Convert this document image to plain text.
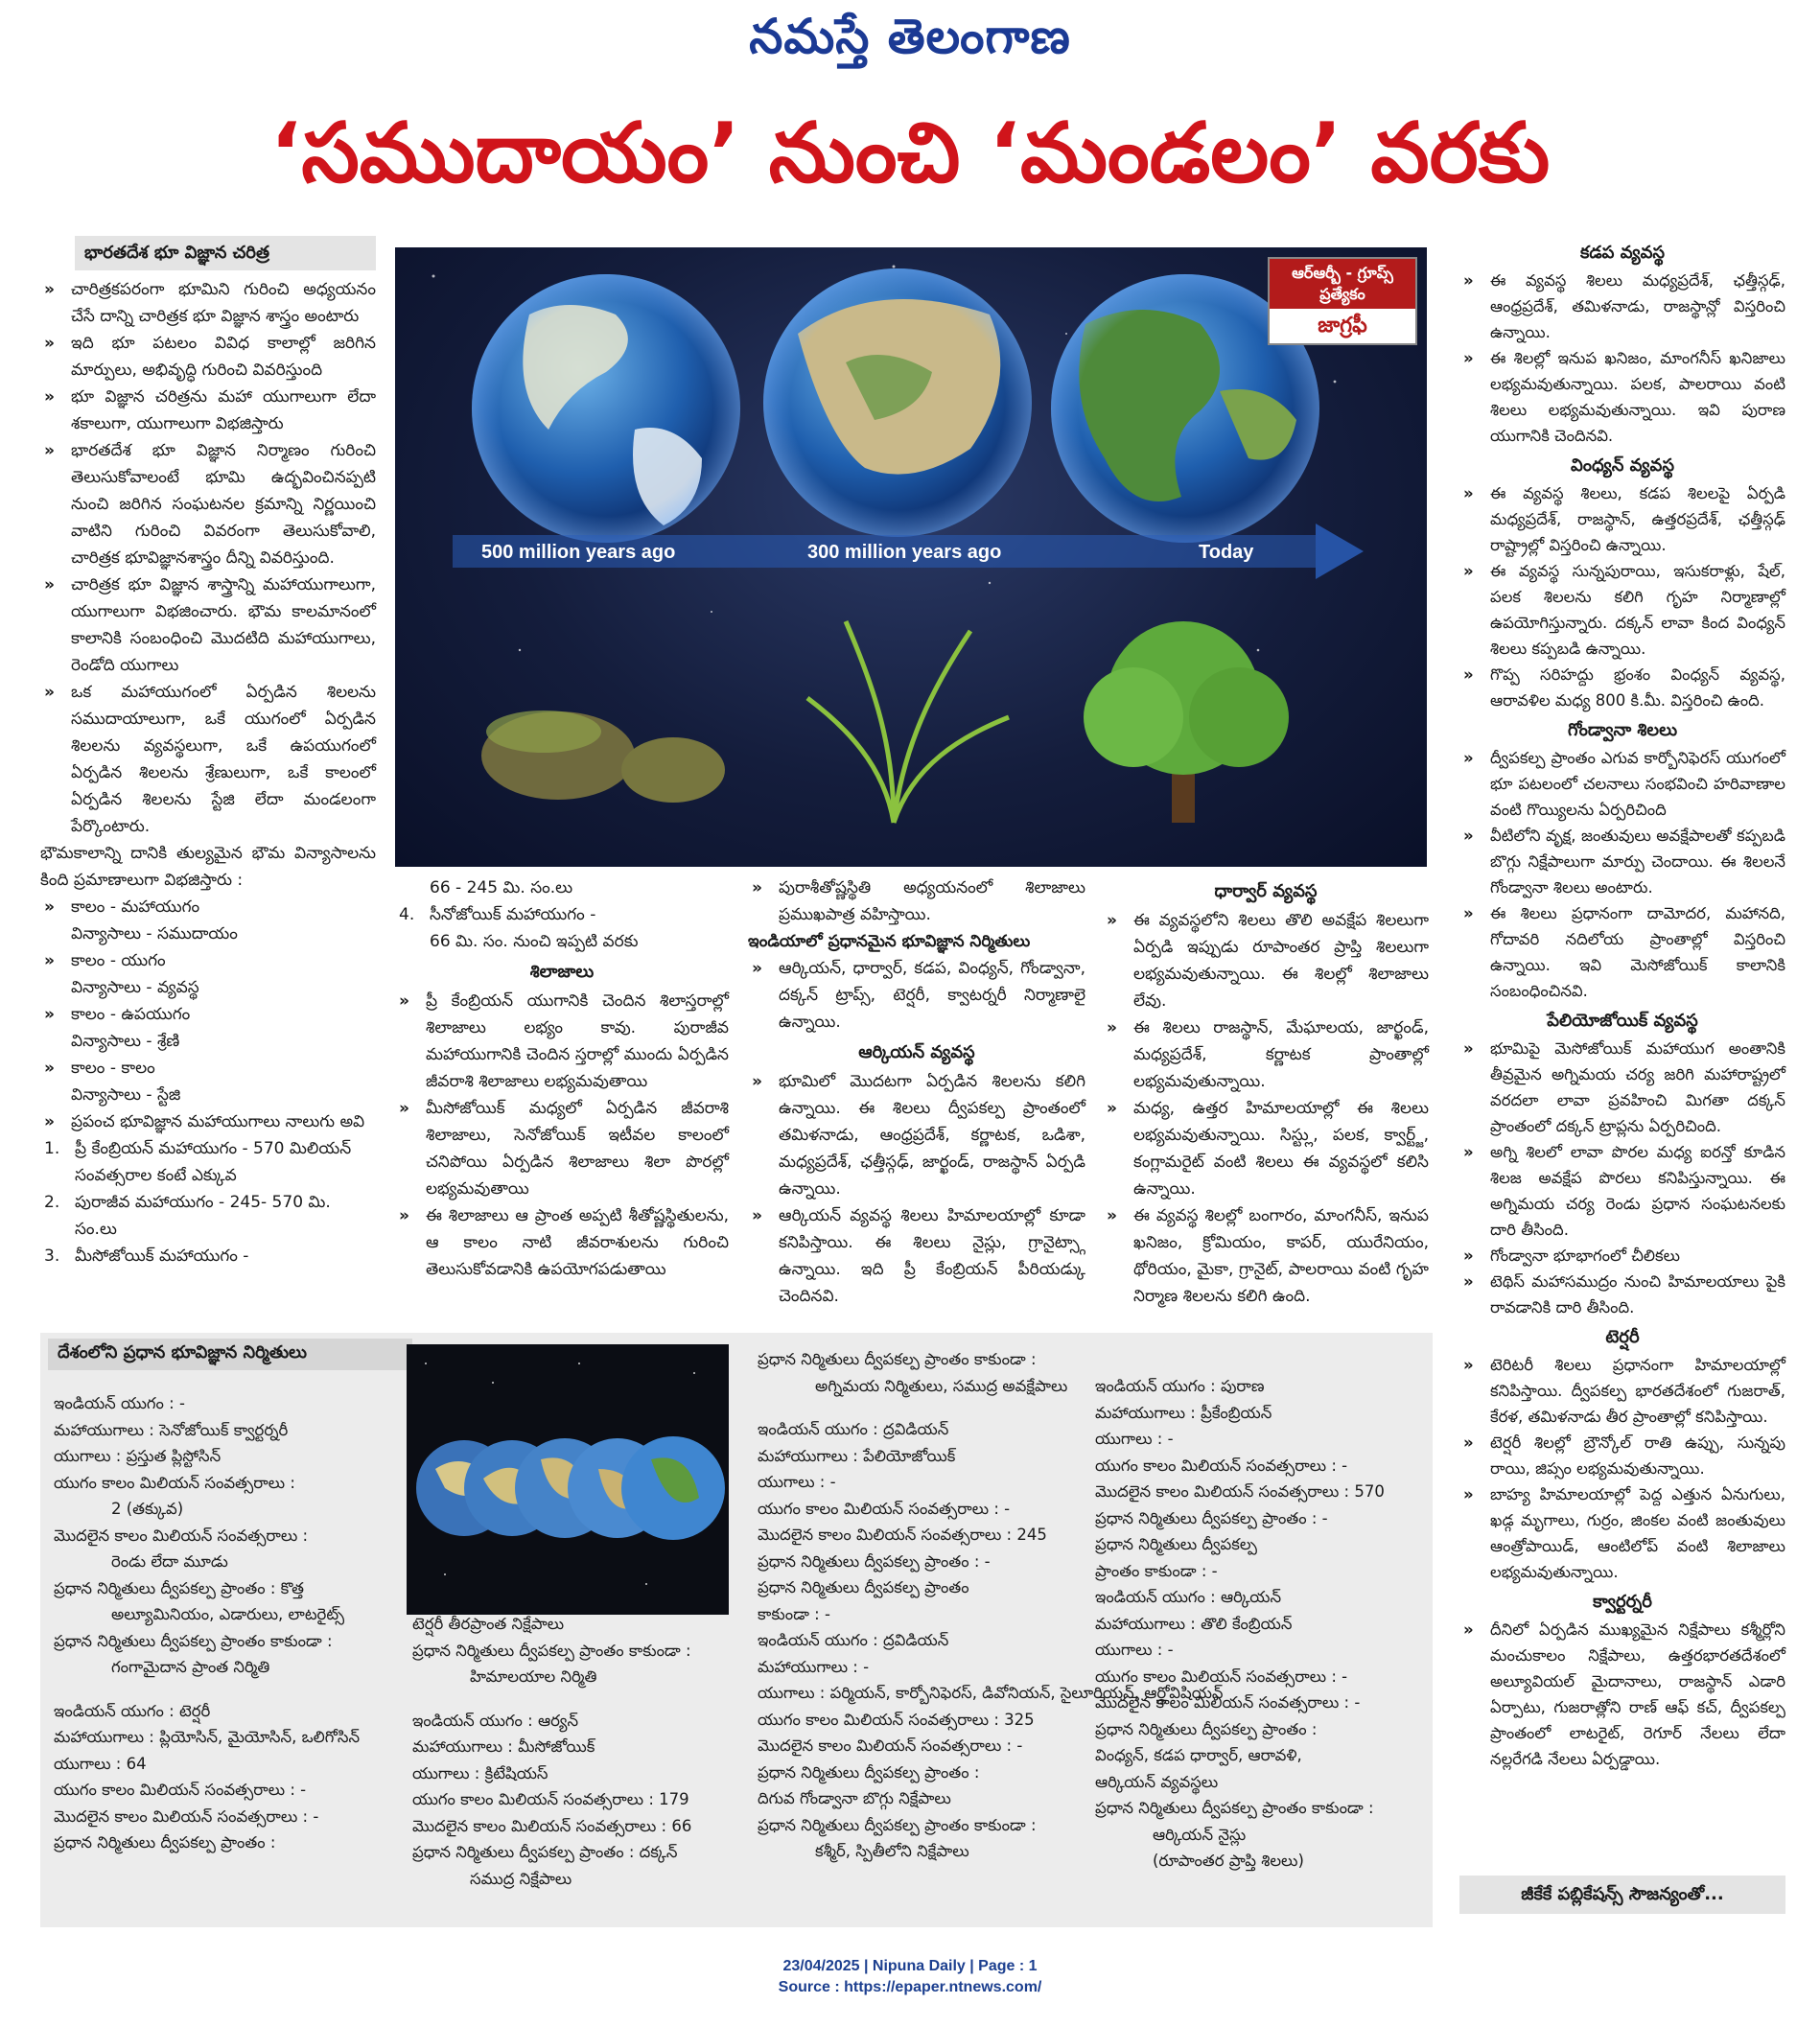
నమస్తే తెలంగాణ
‘సముదాయం’ నుంచి ‘మండలం’ వరకు
భారతదేశ భూ విజ్ఞాన చరిత్ర
» చారిత్రకపరంగా భూమిని గురించి అధ్యయనం చేసే దాన్ని చారిత్రక భూ విజ్ఞాన శాస్త్రం అంటారు
» ఇది భూ పటలం వివిధ కాలాల్లో జరిగిన మార్పులు, అభివృద్ధి గురించి వివరిస్తుంది
» భూ విజ్ఞాన చరిత్రను మహా యుగాలుగా లేదా శకాలుగా, యుగాలుగా విభజిస్తారు
» భారతదేశ భూ విజ్ఞాన నిర్మాణం గురించి తెలుసుకోవాలంటే భూమి ఉద్భవించినప్పటి నుంచి జరిగిన సంఘటనల క్రమాన్ని నిర్ణయించి వాటిని గురించి వివరంగా తెలుసుకోవాలి, చారిత్రక భూవిజ్ఞానశాస్త్రం దీన్ని వివరిస్తుంది.
» చారిత్రక భూ విజ్ఞాన శాస్త్రాన్ని మహాయుగాలుగా, యుగాలుగా విభజించారు. భౌమ కాలమానంలో కాలానికి సంబంధించి మొదటిది మహాయుగాలు, రెండోది యుగాలు
» ఒక మహాయుగంలో ఏర్పడిన శిలలను సముదాయాలుగా, ఒకే యుగంలో ఏర్పడిన శిలలను వ్యవస్థలుగా, ఒకే ఉపయుగంలో ఏర్పడిన శిలలను శ్రేణులుగా, ఒకే కాలంలో ఏర్పడిన శిలలను స్టేజి లేదా మండలంగా పేర్కొంటారు.
భౌమకాలాన్ని దానికి తుల్యమైన భౌమ విన్యాసాలను కింది ప్రమాణాలుగా విభజిస్తారు :
» కాలం - మహాయుగం
విన్యాసాలు - సముదాయం
» కాలం - యుగం
విన్యాసాలు - వ్యవస్థ
» కాలం - ఉపయుగం
విన్యాసాలు - శ్రేణి
» కాలం - కాలం
విన్యాసాలు - స్టేజి
» ప్రపంచ భూవిజ్ఞాన మహాయుగాలు నాలుగు అవి
1. ప్రీ కేంబ్రియన్ మహాయుగం - 570 మిలియన్ సంవత్సరాల కంటే ఎక్కువ
2. పురాజీవ మహాయుగం - 245- 570 మి. సం.లు
3. మీసోజోయిక్ మహాయుగం -
500 million years ago	300 million years ago	Today
ఆర్ఆర్బీ - గ్రూప్స్ ప్రత్యేకం
జాగ్రఫీ
66 - 245 మి. సం.లు
4. సీనోజోయిక్ మహాయుగం -
66 మి. సం. నుంచి ఇప్పటి వరకు
శిలాజాలు
» ప్రీ కేంబ్రియన్ యుగానికి చెందిన శిలాస్తరాల్లో శిలాజాలు లభ్యం కావు. పురాజీవ మహాయుగానికి చెందిన స్తరాల్లో ముందు ఏర్పడిన జీవరాశి శిలాజాలు లభ్యమవుతాయి
» మీసోజోయిక్ మధ్యలో ఏర్పడిన జీవరాశి శిలాజాలు, సెనోజోయిక్ ఇటీవల కాలంలో చనిపోయి ఏర్పడిన శిలాజాలు శిలా పొరల్లో లభ్యమవుతాయి
» ఈ శిలాజాలు ఆ ప్రాంత అప్పటి శీతోష్ణస్థితులను, ఆ కాలం నాటి జీవరాశులను గురించి తెలుసుకోవడానికి ఉపయోగపడుతాయి
» పురాశీతోష్ణస్థితి అధ్యయనంలో శిలాజాలు ప్రముఖపాత్ర వహిస్తాయి.
ఇండియాలో ప్రధానమైన భూవిజ్ఞాన నిర్మితులు
» ఆర్కియన్, ధార్వార్, కడప, వింధ్యన్, గోండ్వానా, దక్కన్ ట్రాప్స్, టెర్షరీ, క్వాటర్నరీ నిర్మాణాలై ఉన్నాయి.
ఆర్కియన్ వ్యవస్థ
» భూమిలో మొదటగా ఏర్పడిన శిలలను కలిగి ఉన్నాయి. ఈ శిలలు ద్వీపకల్ప ప్రాంతంలో తమిళనాడు, ఆంధ్రప్రదేశ్, కర్ణాటక, ఒడిశా, మధ్యప్రదేశ్, ఛత్తీస్గఢ్, జార్ఖండ్, రాజస్థాన్ ఏర్పడి ఉన్నాయి.
» ఆర్కియన్ వ్యవస్థ శిలలు హిమాలయాల్లో కూడా కనిపిస్తాయి. ఈ శిలలు నైస్లు, గ్రానైట్స్గా ఉన్నాయి. ఇది ప్రీ కేంబ్రియన్ పీరియడ్కు చెందినవి.
ధార్వార్ వ్యవస్థ
» ఈ వ్యవస్థలోని శిలలు తొలి అవక్షేప శిలలుగా ఏర్పడి ఇప్పుడు రూపాంతర ప్రాప్తి శిలలుగా లభ్యమవుతున్నాయి. ఈ శిలల్లో శిలాజాలు లేవు.
» ఈ శిలలు రాజస్థాన్, మేఘాలయ, జార్ఖండ్, మధ్యప్రదేశ్, కర్ణాటక ప్రాంతాల్లో లభ్యమవుతున్నాయి.
» మధ్య, ఉత్తర హిమాలయాల్లో ఈ శిలలు లభ్యమవుతున్నాయి. సిస్ట్లు, పలక, క్వార్ట్జ్, కంగ్లామరైట్ వంటి శిలలు ఈ వ్యవస్థలో కలిసి ఉన్నాయి.
» ఈ వ్యవస్థ శిలల్లో బంగారం, మాంగనీస్, ఇనుప ఖనిజం, క్రోమియం, కాపర్, యురేనియం, థోరియం, మైకా, గ్రానైట్, పాలరాయి వంటి గృహ నిర్మాణ శిలలను కలిగి ఉంది.
కడప వ్యవస్థ
» ఈ వ్యవస్థ శిలలు మధ్యప్రదేశ్, ఛత్తీస్గఢ్, ఆంధ్రప్రదేశ్, తమిళనాడు, రాజస్థాన్లో విస్తరించి ఉన్నాయి.
» ఈ శిలల్లో ఇనుప ఖనిజం, మాంగనీస్ ఖనిజాలు లభ్యమవుతున్నాయి. పలక, పాలరాయి వంటి శిలలు లభ్యమవుతున్నాయి. ఇవి పురాణ యుగానికి చెందినవి.
వింధ్యన్ వ్యవస్థ
» ఈ వ్యవస్థ శిలలు, కడప శిలలపై ఏర్పడి మధ్యప్రదేశ్, రాజస్థాన్, ఉత్తరప్రదేశ్, ఛత్తీస్గఢ్ రాష్ట్రాల్లో విస్తరించి ఉన్నాయి.
» ఈ వ్యవస్థ సున్నపురాయి, ఇసుకరాళ్లు, షేల్, పలక శిలలను కలిగి గృహ నిర్మాణాల్లో ఉపయోగిస్తున్నారు. దక్కన్ లావా కింద వింధ్యన్ శిలలు కప్పబడి ఉన్నాయి.
» గొప్ప సరిహద్దు భ్రంశం వింధ్యన్ వ్యవస్థ, ఆరావళిల మధ్య 800 కి.మీ. విస్తరించి ఉంది.
గోండ్వానా శిలలు
» ద్వీపకల్ప ప్రాంతం ఎగువ కార్బోనిఫెరస్ యుగంలో భూ పటలంలో చలనాలు సంభవించి హరివాణాల వంటి గొయ్యిలను ఏర్పరిచింది
» వీటిలోని వృక్ష, జంతువులు అవక్షేపాలతో కప్పబడి బొగ్గు నిక్షేపాలుగా మార్పు చెందాయి. ఈ శిలలనే గోండ్వానా శిలలు అంటారు.
» ఈ శిలలు ప్రధానంగా దామోదర, మహానది, గోదావరి నదిలోయ ప్రాంతాల్లో విస్తరించి ఉన్నాయి. ఇవి మెసోజోయిక్ కాలానికి సంబంధించినవి.
పేలియోజోయిక్ వ్యవస్థ
» భూమిపై మెసోజోయిక్ మహాయుగ అంతానికి తీవ్రమైన అగ్నిమయ చర్య జరిగి మహారాష్ట్రలో వరదలా లావా ప్రవహించి మిగతా దక్కన్ ప్రాంతంలో దక్కన్ ట్రాప్లను ఏర్పరిచింది.
» అగ్ని శిలలో లావా పొరల మధ్య ఐరన్తో కూడిన శిలజ అవక్షేప పొరలు కనిపిస్తున్నాయి. ఈ అగ్నిమయ చర్య రెండు ప్రధాన సంఘటనలకు దారి తీసింది.
» గోండ్వానా భూభాగంలో చీలికలు
» టెథిస్ మహాసముద్రం నుంచి హిమాలయాలు పైకి రావడానికి దారి తీసింది.
టెర్షరీ
» టెరిటరీ శిలలు ప్రధానంగా హిమాలయాల్లో కనిపిస్తాయి. ద్వీపకల్ప భారతదేశంలో గుజరాత్, కేరళ, తమిళనాడు తీర ప్రాంతాల్లో కనిపిస్తాయి.
» టెర్షరీ శిలల్లో బ్రౌన్కోల్ రాతి ఉప్పు, సున్నపు రాయి, జిప్సం లభ్యమవుతున్నాయి.
» బాహ్య హిమాలయాల్లో పెద్ద ఎత్తున ఏనుగులు, ఖడ్గ మృగాలు, గుర్రం, జింకల వంటి జంతువులు ఆంత్రోపాయిడ్, ఆంటిలోప్ వంటి శిలాజాలు లభ్యమవుతున్నాయి.
క్వార్టర్నరీ
» దీనిలో ఏర్పడిన ముఖ్యమైన నిక్షేపాలు కశ్మీర్లోని మంచుకాలం నిక్షేపాలు, ఉత్తరభారతదేశంలో అల్యూవియల్ మైదానాలు, రాజస్థాన్ ఎడారి ఏర్పాటు, గుజరాత్లోని రాణ్ ఆఫ్ కచ్, ద్వీపకల్ప ప్రాంతంలో లాటరైట్, రెగూర్ నేలలు లేదా నల్లరేగడి నేలలు ఏర్పడ్డాయి.
జీకేకే పబ్లికేషన్స్ సౌజన్యంతో...
దేశంలోని ప్రధాన భూవిజ్ఞాన నిర్మితులు
ఇండియన్ యుగం : -
మహాయుగాలు : సెనోజోయిక్ క్వార్టర్నరీ
యుగాలు : ప్రస్తుత ప్లిస్టోసిన్
యుగం కాలం మిలియన్ సంవత్సరాలు :
2 (తక్కువ)
మొదలైన కాలం మిలియన్ సంవత్సరాలు :
రెండు లేదా మూడు
ప్రధాన నిర్మితులు ద్వీపకల్ప ప్రాంతం : కొత్త
అల్యూమినియం, ఎడారులు, లాటరైట్స్
ప్రధాన నిర్మితులు ద్వీపకల్ప ప్రాంతం కాకుండా :
గంగామైదాన ప్రాంత నిర్మితి
ఇండియన్ యుగం : టెర్షరీ
మహాయుగాలు : ప్లియోసిన్, మైయోసిన్, ఒలిగోసిన్
యుగాలు : 64
యుగం కాలం మిలియన్ సంవత్సరాలు : -
మొదలైన కాలం మిలియన్ సంవత్సరాలు : -
ప్రధాన నిర్మితులు ద్వీపకల్ప ప్రాంతం :
టెర్షరీ తీరప్రాంత నిక్షేపాలు
ప్రధాన నిర్మితులు ద్వీపకల్ప ప్రాంతం కాకుండా :
హిమాలయాల నిర్మితి
ఇండియన్ యుగం : ఆర్యన్
మహాయుగాలు : మీసోజోయిక్
యుగాలు : క్రిటేషియస్
యుగం కాలం మిలియన్ సంవత్సరాలు : 179
మొదలైన కాలం మిలియన్ సంవత్సరాలు : 66
ప్రధాన నిర్మితులు ద్వీపకల్ప ప్రాంతం : దక్కన్
సముద్ర నిక్షేపాలు
ప్రధాన నిర్మితులు ద్వీపకల్ప ప్రాంతం కాకుండా :
అగ్నిమయ నిర్మితులు, సముద్ర అవక్షేపాలు
ఇండియన్ యుగం : ద్రవిడియన్
మహాయుగాలు : పేలియోజోయిక్
యుగాలు : -
యుగం కాలం మిలియన్ సంవత్సరాలు : -
మొదలైన కాలం మిలియన్ సంవత్సరాలు : 245
ప్రధాన నిర్మితులు ద్వీపకల్ప ప్రాంతం : -
ప్రధాన నిర్మితులు ద్వీపకల్ప ప్రాంతం
కాకుండా : -
ఇండియన్ యుగం : ద్రవిడియన్
మహాయుగాలు : -
యుగాలు : పర్మియన్, కార్బోనిఫెరస్, డివోనియన్, సైలూరియన్, ఆర్డోవిషియన్
యుగం కాలం మిలియన్ సంవత్సరాలు : 325
మొదలైన కాలం మిలియన్ సంవత్సరాలు : -
ప్రధాన నిర్మితులు ద్వీపకల్ప ప్రాంతం :
దిగువ గోండ్వానా బొగ్గు నిక్షేపాలు
ప్రధాన నిర్మితులు ద్వీపకల్ప ప్రాంతం కాకుండా :
కశ్మీర్, స్పితీలోని నిక్షేపాలు
ఇండియన్ యుగం : పురాణ
మహాయుగాలు : ప్రీకేంబ్రియన్
యుగాలు : -
యుగం కాలం మిలియన్ సంవత్సరాలు : -
మొదలైన కాలం మిలియన్ సంవత్సరాలు : 570
ప్రధాన నిర్మితులు ద్వీపకల్ప ప్రాంతం : -
ప్రధాన నిర్మితులు ద్వీపకల్ప
ప్రాంతం కాకుండా : -
ఇండియన్ యుగం : ఆర్కియన్
మహాయుగాలు : తొలి కేంబ్రియన్
యుగాలు : -
యుగం కాలం మిలియన్ సంవత్సరాలు : -
మొదలైన కాలం మిలియన్ సంవత్సరాలు : -
ప్రధాన నిర్మితులు ద్వీపకల్ప ప్రాంతం :
వింధ్యన్, కడప ధార్వార్, ఆరావళి,
ఆర్కియన్ వ్యవస్థలు
ప్రధాన నిర్మితులు ద్వీపకల్ప ప్రాంతం కాకుండా :
ఆర్కియన్ నైస్లు
(రూపాంతర ప్రాప్తి శిలలు)
23/04/2025 | Nipuna Daily | Page : 1
Source : https://epaper.ntnews.com/
